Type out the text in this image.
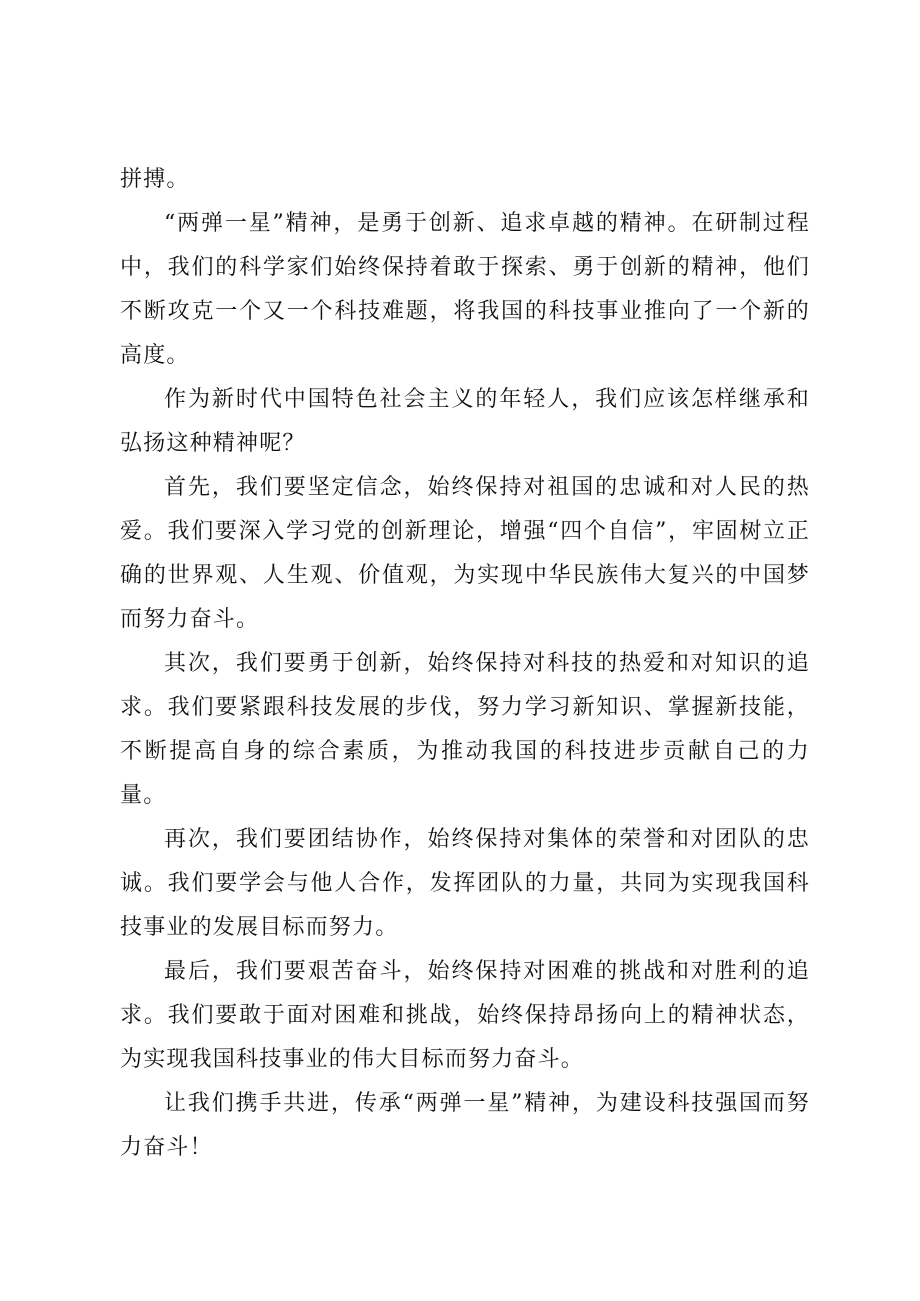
拼搏。

“两弹一星”精神，是勇于创新、追求卓越的精神。在研制过程中，我们的科学家们始终保持着敢于探索、勇于创新的精神，他们不断攻克一个又一个科技难题，将我国的科技事业推向了一个新的高度。

作为新时代中国特色社会主义的年轻人，我们应该怎样继承和弘扬这种精神呢？

首先，我们要坚定信念，始终保持对祖国的忠诚和对人民的热爱。我们要深入学习党的创新理论，增强“四个自信”，牢固树立正确的世界观、人生观、价值观，为实现中华民族伟大复兴的中国梦而努力奋斗。

其次，我们要勇于创新，始终保持对科技的热爱和对知识的追求。我们要紧跟科技发展的步伐，努力学习新知识、掌握新技能，不断提高自身的综合素质，为推动我国的科技进步贡献自己的力量。

再次，我们要团结协作，始终保持对集体的荣誉和对团队的忠诚。我们要学会与他人合作，发挥团队的力量，共同为实现我国科技事业的发展目标而努力。

最后，我们要艰苦奋斗，始终保持对困难的挑战和对胜利的追求。我们要敢于面对困难和挑战，始终保持昂扬向上的精神状态，为实现我国科技事业的伟大目标而努力奋斗。

让我们携手共进，传承“两弹一星”精神，为建设科技强国而努力奋斗！
